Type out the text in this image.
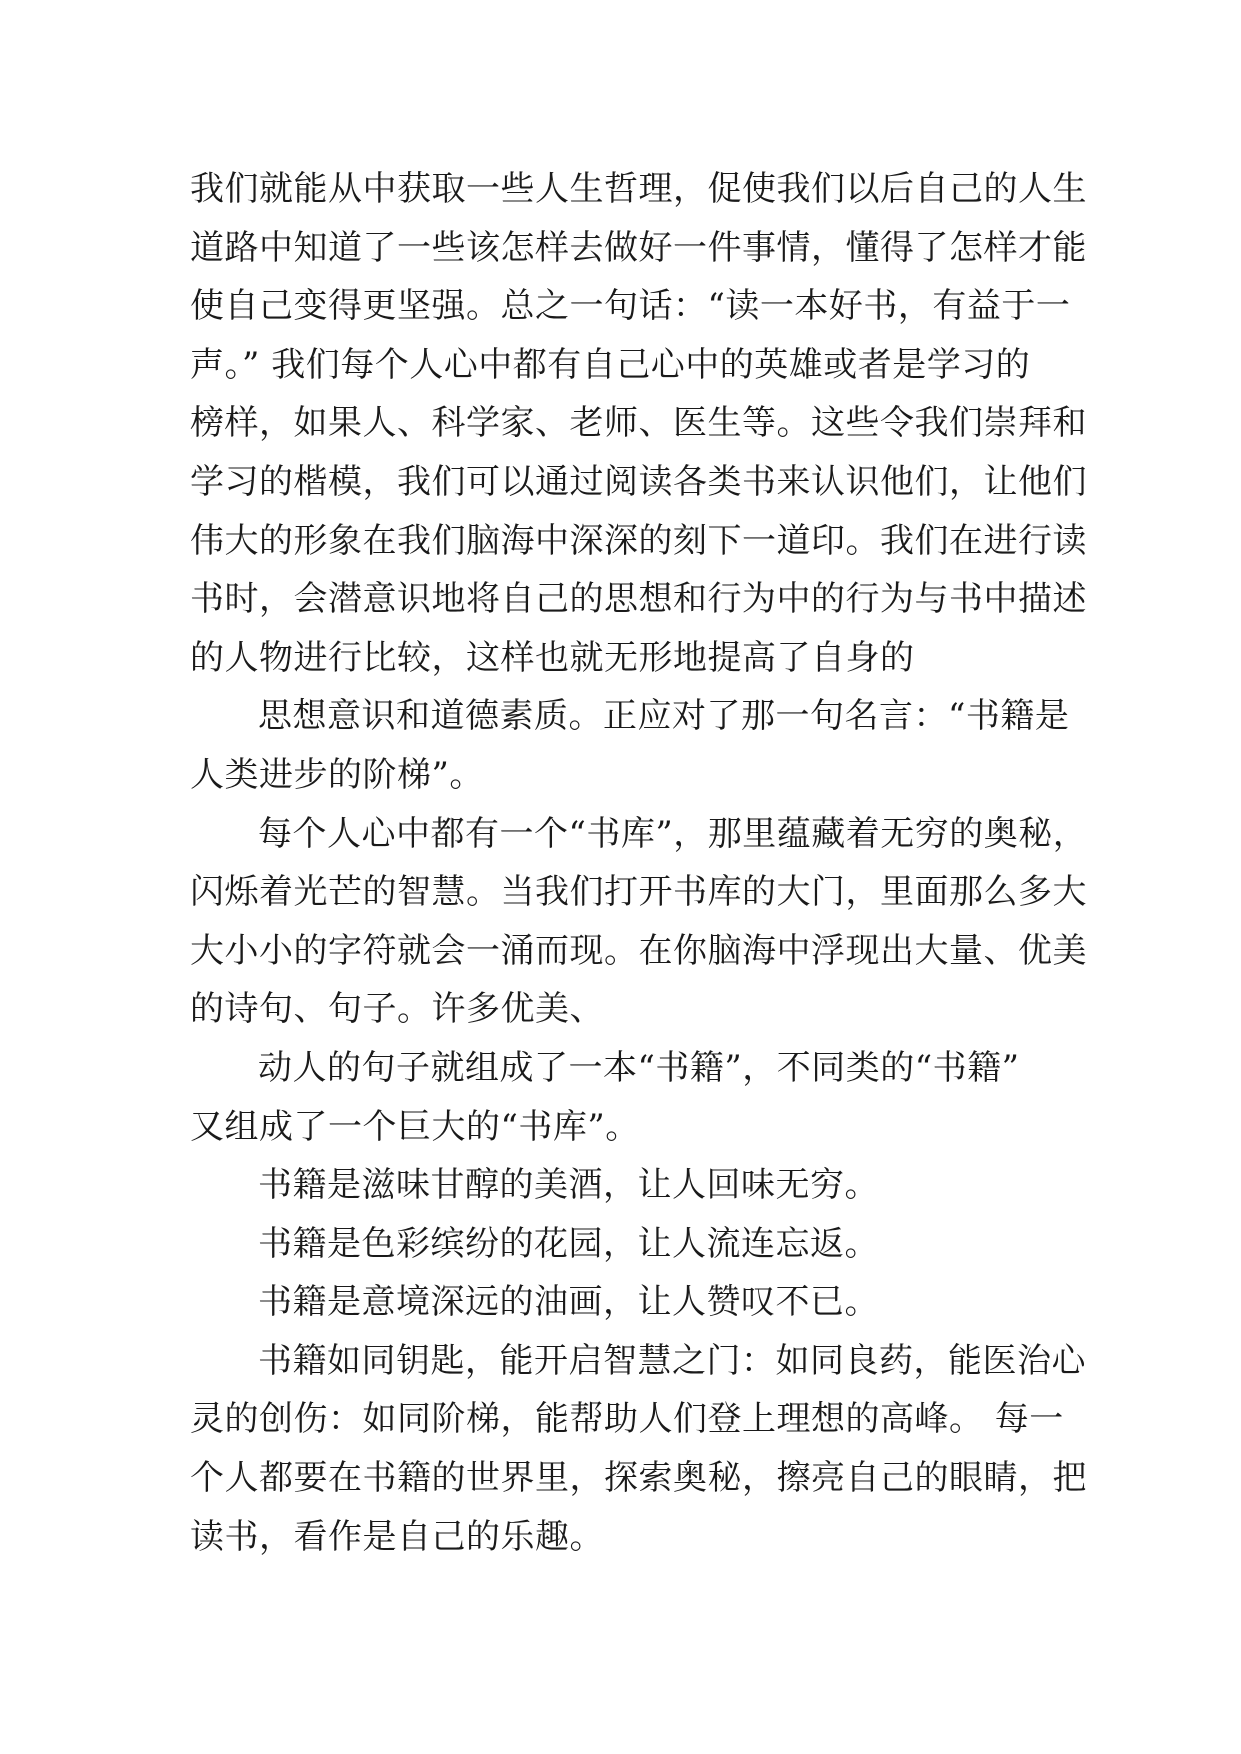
我们就能从中获取一些人生哲理，促使我们以后自己的人生
道路中知道了一些该怎样去做好一件事情，懂得了怎样才能
使自己变得更坚强。总之一句话：“读一本好书，有益于一
声。” 我们每个人心中都有自己心中的英雄或者是学习的
榜样，如果人、科学家、老师、医生等。这些令我们崇拜和
学习的楷模，我们可以通过阅读各类书来认识他们，让他们
伟大的形象在我们脑海中深深的刻下一道印。我们在进行读
书时，会潜意识地将自己的思想和行为中的行为与书中描述
的人物进行比较，这样也就无形地提高了自身的
思想意识和道德素质。正应对了那一句名言：“书籍是
人类进步的阶梯”。
每个人心中都有一个“书库”，那里蕴藏着无穷的奥秘，
闪烁着光芒的智慧。当我们打开书库的大门，里面那么多大
大小小的字符就会一涌而现。在你脑海中浮现出大量、优美
的诗句、句子。许多优美、
动人的句子就组成了一本“书籍”，不同类的“书籍”
又组成了一个巨大的“书库”。
书籍是滋味甘醇的美酒，让人回味无穷。
书籍是色彩缤纷的花园，让人流连忘返。
书籍是意境深远的油画，让人赞叹不已。
书籍如同钥匙，能开启智慧之门：如同良药，能医治心
灵的创伤：如同阶梯，能帮助人们登上理想的高峰。 每一
个人都要在书籍的世界里，探索奥秘，擦亮自己的眼睛，把
读书，看作是自己的乐趣。
